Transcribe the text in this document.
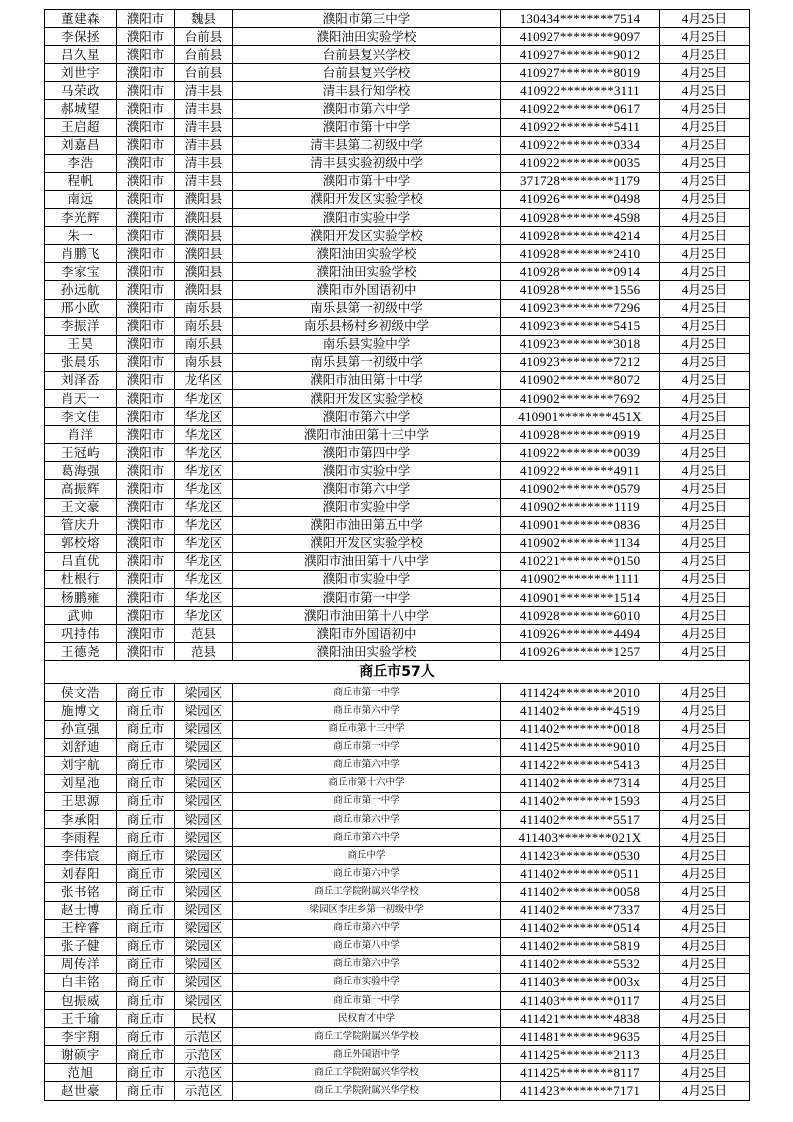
董建森	濮阳市	魏县	濮阳市第三中学	130434********7514	4月25日
李保拯	濮阳市	台前县	濮阳油田实验学校	410927********9097	4月25日
吕久星	濮阳市	台前县	台前县复兴学校	410927********9012	4月25日
刘世宇	濮阳市	台前县	台前县复兴学校	410927********8019	4月25日
马荣政	濮阳市	清丰县	清丰县行知学校	410922********3111	4月25日
郝城望	濮阳市	清丰县	濮阳市第六中学	410922********0617	4月25日
王启超	濮阳市	清丰县	濮阳市第十中学	410922********5411	4月25日
刘嘉昌	濮阳市	清丰县	清丰县第二初级中学	410922********0334	4月25日
李浩	濮阳市	清丰县	清丰县实验初级中学	410922********0035	4月25日
程帆	濮阳市	清丰县	濮阳市第十中学	371728********1179	4月25日
南远	濮阳市	濮阳县	濮阳开发区实验学校	410926********0498	4月25日
李光辉	濮阳市	濮阳县	濮阳市实验中学	410928********4598	4月25日
朱一	濮阳市	濮阳县	濮阳开发区实验学校	410928********4214	4月25日
肖鹏飞	濮阳市	濮阳县	濮阳油田实验学校	410928********2410	4月25日
李家宝	濮阳市	濮阳县	濮阳油田实验学校	410928********0914	4月25日
孙远航	濮阳市	濮阳县	濮阳市外国语初中	410928********1556	4月25日
邢小欧	濮阳市	南乐县	南乐县第一初级中学	410923********7296	4月25日
李振洋	濮阳市	南乐县	南乐县杨村乡初级中学	410923********5415	4月25日
王昊	濮阳市	南乐县	南乐县实验中学	410923********3018	4月25日
张晨乐	濮阳市	南乐县	南乐县第一初级中学	410923********7212	4月25日
刘泽岙	濮阳市	龙华区	濮阳市油田第十中学	410902********8072	4月25日
肖天一	濮阳市	华龙区	濮阳开发区实验学校	410902********7692	4月25日
李文佳	濮阳市	华龙区	濮阳市第六中学	410901********451X	4月25日
肖洋	濮阳市	华龙区	濮阳市油田第十三中学	410928********0919	4月25日
王冠屿	濮阳市	华龙区	濮阳市第四中学	410922********0039	4月25日
葛海强	濮阳市	华龙区	濮阳市实验中学	410922********4911	4月25日
高振辉	濮阳市	华龙区	濮阳市第六中学	410902********0579	4月25日
王文豪	濮阳市	华龙区	濮阳市实验中学	410902********1119	4月25日
管庆升	濮阳市	华龙区	濮阳市油田第五中学	410901********0836	4月25日
郭校熔	濮阳市	华龙区	濮阳开发区实验学校	410902********1134	4月25日
吕直优	濮阳市	华龙区	濮阳市油田第十八中学	410221********0150	4月25日
杜根行	濮阳市	华龙区	濮阳市实验中学	410902********1111	4月25日
杨鹏雍	濮阳市	华龙区	濮阳市第一中学	410901********1514	4月25日
武帅	濮阳市	华龙区	濮阳市油田第十八中学	410928********6010	4月25日
巩持伟	濮阳市	范县	濮阳市外国语初中	410926********4494	4月25日
王德尧	濮阳市	范县	濮阳油田实验学校	410926********1257	4月25日
商丘市57人					
侯文浩	商丘市	梁园区	商丘市第一中学	411424********2010	4月25日
施博文	商丘市	梁园区	商丘市第六中学	411402********4519	4月25日
孙宣强	商丘市	梁园区	商丘市第十三中学	411402********0018	4月25日
刘舒迪	商丘市	梁园区	商丘市第一中学	411425********9010	4月25日
刘宇航	商丘市	梁园区	商丘市第六中学	411422********5413	4月25日
刘星池	商丘市	梁园区	商丘市第十六中学	411402********7314	4月25日
王思源	商丘市	梁园区	商丘市第一中学	411402********1593	4月25日
李承阳	商丘市	梁园区	商丘市第六中学	411402********5517	4月25日
李雨程	商丘市	梁园区	商丘市第六中学	411403********021X	4月25日
李伟宸	商丘市	梁园区	商丘中学	411423********0530	4月25日
刘春阳	商丘市	梁园区	商丘市第六中学	411402********0511	4月25日
张书铭	商丘市	梁园区	商丘工学院附属兴华学校	411402********0058	4月25日
赵士博	商丘市	梁园区	梁园区李庄乡第一初级中学	411402********7337	4月25日
王梓睿	商丘市	梁园区	商丘市第六中学	411402********0514	4月25日
张子健	商丘市	梁园区	商丘市第八中学	411402********5819	4月25日
周传洋	商丘市	梁园区	商丘市第六中学	411402********5532	4月25日
白丰铭	商丘市	梁园区	商丘市实验中学	411403********003x	4月25日
包振威	商丘市	梁园区	商丘市第一中学	411403********0117	4月25日
王千瑜	商丘市	民权	民权育才中学	411421********4838	4月25日
李宇翔	商丘市	示范区	商丘工学院附属兴华学校	411481********9635	4月25日
谢硕宇	商丘市	示范区	商丘外国语中学	411425********2113	4月25日
范旭	商丘市	示范区	商丘工学院附属兴华学校	411425********8117	4月25日
赵世豪	商丘市	示范区	商丘工学院附属兴华学校	411423********7171	4月25日
